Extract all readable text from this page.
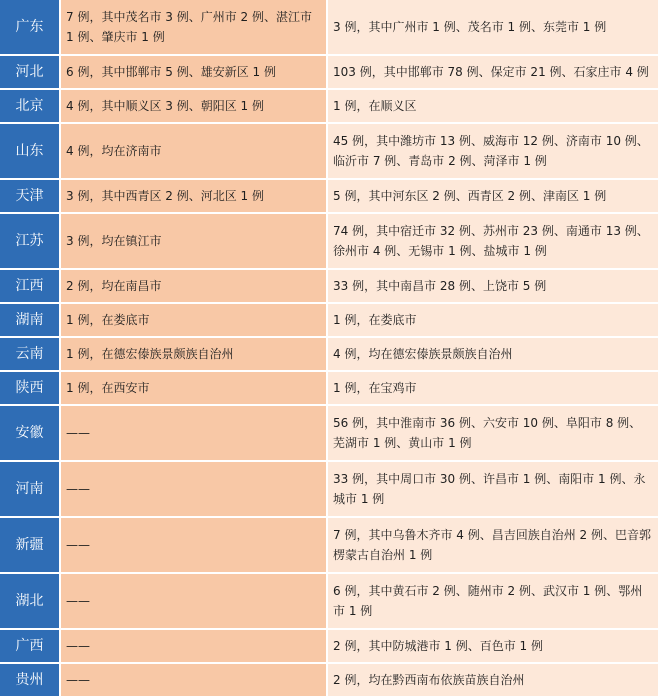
广东	7 例，其中茂名市 3 例、广州市 2 例、湛江市 1 例、肇庆市 1 例	3 例，其中广州市 1 例、茂名市 1 例、东莞市 1 例
河北	6 例，其中邯郸市 5 例、雄安新区 1 例	103 例，其中邯郸市 78 例、保定市 21 例、石家庄市 4 例
北京	4 例，其中顺义区 3 例、朝阳区 1 例	1 例，在顺义区
山东	4 例，均在济南市	45 例，其中潍坊市 13 例、威海市 12 例、济南市 10 例、临沂市 7 例、青岛市 2 例、菏泽市 1 例
天津	3 例，其中西青区 2 例、河北区 1 例	5 例，其中河东区 2 例、西青区 2 例、津南区 1 例
江苏	3 例，均在镇江市	74 例，其中宿迁市 32 例、苏州市 23 例、南通市 13 例、徐州市 4 例、无锡市 1 例、盐城市 1 例
江西	2 例，均在南昌市	33 例，其中南昌市 28 例、上饶市 5 例
湖南	1 例，在娄底市	1 例，在娄底市
云南	1 例，在德宏傣族景颇族自治州	4 例，均在德宏傣族景颇族自治州
陕西	1 例，在西安市	1 例，在宝鸡市
安徽	——	56 例，其中淮南市 36 例、六安市 10 例、阜阳市 8 例、芜湖市 1 例、黄山市 1 例
河南	——	33 例，其中周口市 30 例、许昌市 1 例、南阳市 1 例、永城市 1 例
新疆	——	7 例，其中乌鲁木齐市 4 例、昌吉回族自治州 2 例、巴音郭楞蒙古自治州 1 例
湖北	——	6 例，其中黄石市 2 例、随州市 2 例、武汉市 1 例、鄂州市 1 例
广西	——	2 例，其中防城港市 1 例、百色市 1 例
贵州	——	2 例，均在黔西南布依族苗族自治州
